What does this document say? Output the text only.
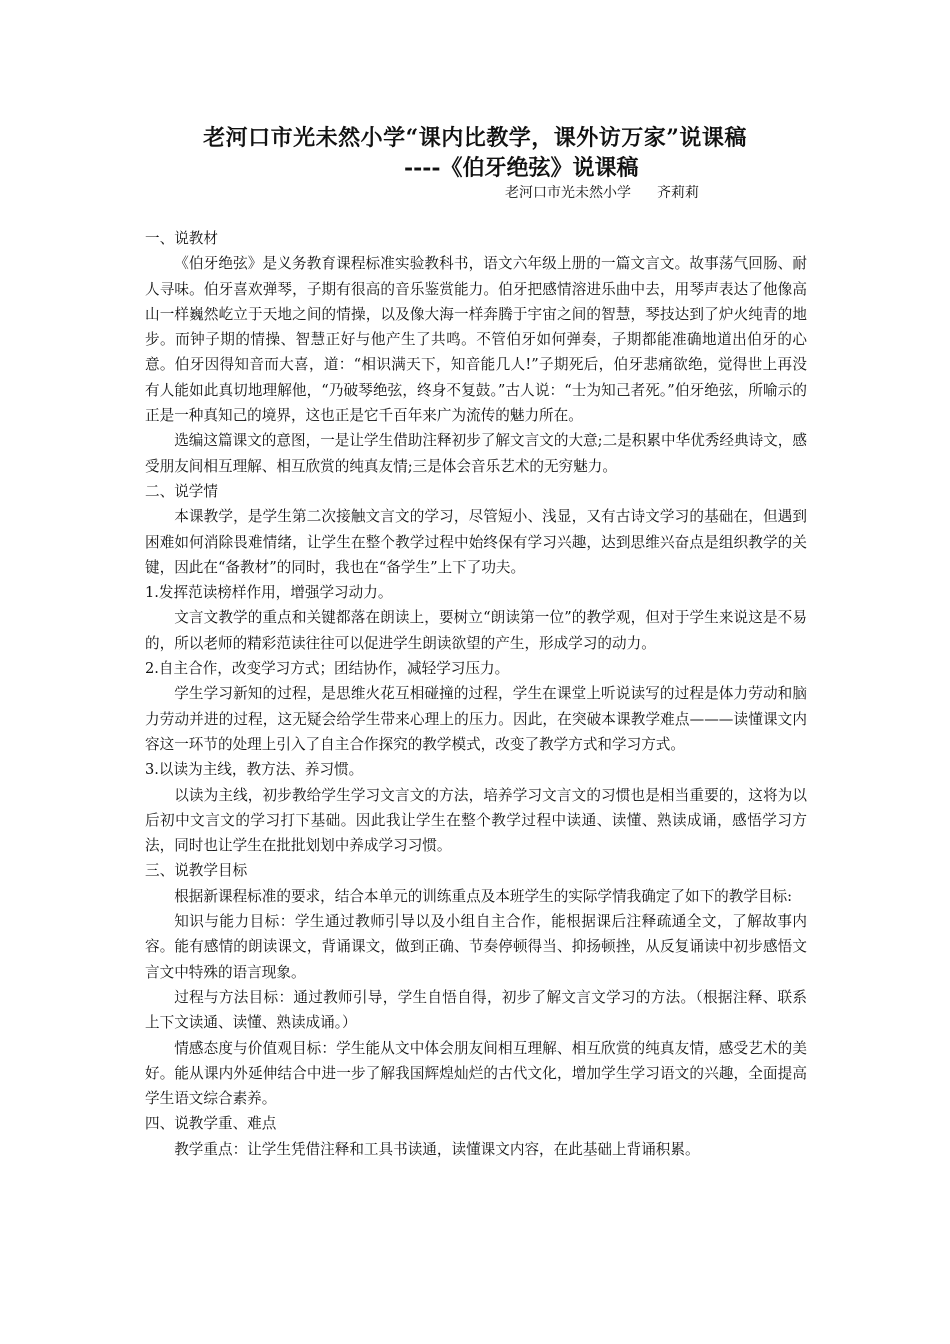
老河口市光未然小学“课内比教学，课外访万家”说课稿
----《伯牙绝弦》说课稿
老河口市光未然小学 齐莉莉

一、说教材

《伯牙绝弦》是义务教育课程标准实验教科书，语文六年级上册的一篇文言文。故事荡气回肠、耐人寻味。伯牙喜欢弹琴，子期有很高的音乐鉴赏能力。伯牙把感情溶进乐曲中去，用琴声表达了他像高山一样巍然屹立于天地之间的情操，以及像大海一样奔腾于宇宙之间的智慧，琴技达到了炉火纯青的地步。而钟子期的情操、智慧正好与他产生了共鸣。不管伯牙如何弹奏，子期都能准确地道出伯牙的心意。伯牙因得知音而大喜，道：“相识满天下，知音能几人!”子期死后，伯牙悲痛欲绝，觉得世上再没有人能如此真切地理解他，“乃破琴绝弦，终身不复鼓。”古人说：“士为知己者死。”伯牙绝弦，所喻示的正是一种真知己的境界，这也正是它千百年来广为流传的魅力所在。

选编这篇课文的意图，一是让学生借助注释初步了解文言文的大意;二是积累中华优秀经典诗文，感受朋友间相互理解、相互欣赏的纯真友情;三是体会音乐艺术的无穷魅力。

二、说学情

本课教学，是学生第二次接触文言文的学习，尽管短小、浅显，又有古诗文学习的基础在，但遇到困难如何消除畏难情绪，让学生在整个教学过程中始终保有学习兴趣，达到思维兴奋点是组织教学的关键，因此在“备教材”的同时，我也在“备学生”上下了功夫。

1.发挥范读榜样作用，增强学习动力。

文言文教学的重点和关键都落在朗读上，要树立“朗读第一位”的教学观，但对于学生来说这是不易的，所以老师的精彩范读往往可以促进学生朗读欲望的产生，形成学习的动力。

2.自主合作，改变学习方式；团结协作，减轻学习压力。

学生学习新知的过程，是思维火花互相碰撞的过程，学生在课堂上听说读写的过程是体力劳动和脑力劳动并进的过程，这无疑会给学生带来心理上的压力。因此，在突破本课教学难点———读懂课文内容这一环节的处理上引入了自主合作探究的教学模式，改变了教学方式和学习方式。

3.以读为主线，教方法、养习惯。

以读为主线，初步教给学生学习文言文的方法，培养学习文言文的习惯也是相当重要的，这将为以后初中文言文的学习打下基础。因此我让学生在整个教学过程中读通、读懂、熟读成诵，感悟学习方法，同时也让学生在批批划划中养成学习习惯。

三、说教学目标

根据新课程标准的要求，结合本单元的训练重点及本班学生的实际学情我确定了如下的教学目标:

知识与能力目标：学生通过教师引导以及小组自主合作，能根据课后注释疏通全文，了解故事内容。能有感情的朗读课文，背诵课文，做到正确、节奏停顿得当、抑扬顿挫，从反复诵读中初步感悟文言文中特殊的语言现象。

过程与方法目标：通过教师引导，学生自悟自得，初步了解文言文学习的方法。（根据注释、联系上下文读通、读懂、熟读成诵。）

情感态度与价值观目标：学生能从文中体会朋友间相互理解、相互欣赏的纯真友情，感受艺术的美好。能从课内外延伸结合中进一步了解我国辉煌灿烂的古代文化，增加学生学习语文的兴趣，全面提高学生语文综合素养。

四、说教学重、难点

教学重点：让学生凭借注释和工具书读通，读懂课文内容，在此基础上背诵积累。
